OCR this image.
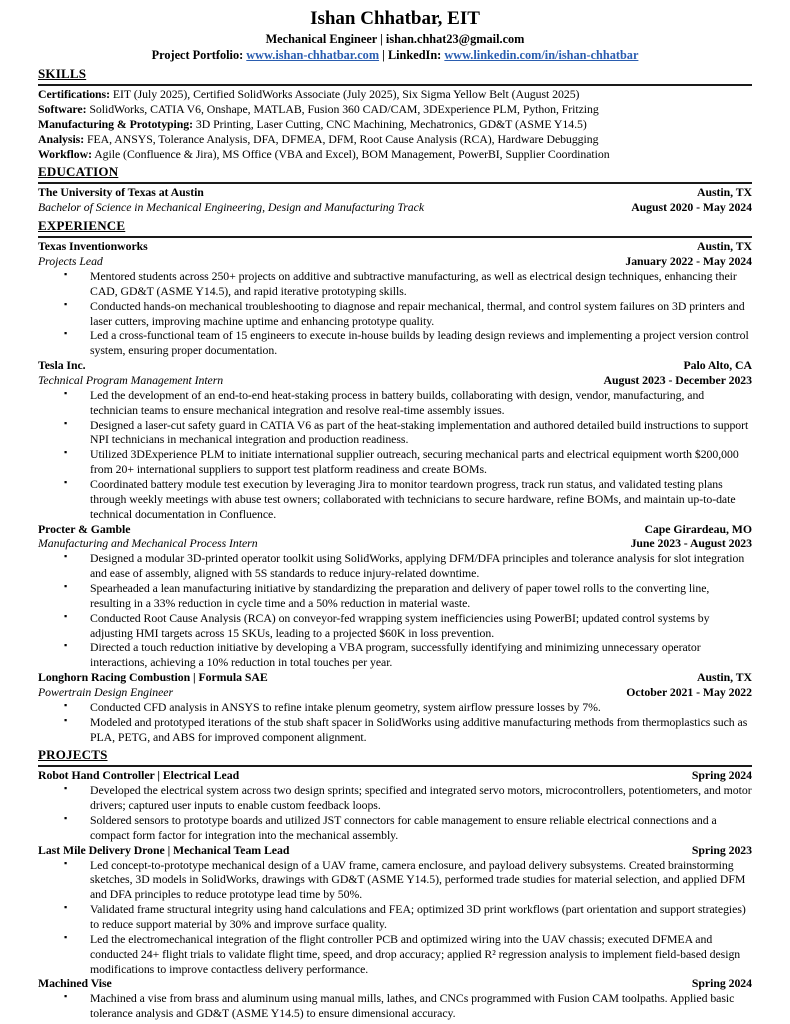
Ishan Chhatbar, EIT
Mechanical Engineer | ishan.chhat23@gmail.com
Project Portfolio: www.ishan-chhatbar.com | LinkedIn: www.linkedin.com/in/ishan-chhatbar
SKILLS
Certifications: EIT (July 2025), Certified SolidWorks Associate (July 2025), Six Sigma Yellow Belt (August 2025)
Software: SolidWorks, CATIA V6, Onshape, MATLAB, Fusion 360 CAD/CAM, 3DExperience PLM, Python, Fritzing
Manufacturing & Prototyping: 3D Printing, Laser Cutting, CNC Machining, Mechatronics, GD&T (ASME Y14.5)
Analysis: FEA, ANSYS, Tolerance Analysis, DFA, DFMEA, DFM, Root Cause Analysis (RCA), Hardware Debugging
Workflow: Agile (Confluence & Jira), MS Office (VBA and Excel), BOM Management, PowerBI, Supplier Coordination
EDUCATION
The University of Texas at Austin	Austin, TX
Bachelor of Science in Mechanical Engineering, Design and Manufacturing Track	August 2020 - May 2024
EXPERIENCE
Texas Inventionworks	Austin, TX
Projects Lead	January 2022 - May 2024
▪ Mentored students across 250+ projects on additive and subtractive manufacturing, as well as electrical design techniques, enhancing their CAD, GD&T (ASME Y14.5), and rapid iterative prototyping skills.
▪ Conducted hands-on mechanical troubleshooting to diagnose and repair mechanical, thermal, and control system failures on 3D printers and laser cutters, improving machine uptime and enhancing prototype quality.
▪ Led a cross-functional team of 15 engineers to execute in-house builds by leading design reviews and implementing a project version control system, ensuring proper documentation.
Tesla Inc.	Palo Alto, CA
Technical Program Management Intern	August 2023 - December 2023
▪ Led the development of an end-to-end heat-staking process in battery builds, collaborating with design, vendor, manufacturing, and technician teams to ensure mechanical integration and resolve real-time assembly issues.
▪ Designed a laser-cut safety guard in CATIA V6 as part of the heat-staking implementation and authored detailed build instructions to support NPI technicians in mechanical integration and production readiness.
▪ Utilized 3DExperience PLM to initiate international supplier outreach, securing mechanical parts and electrical equipment worth $200,000 from 20+ international suppliers to support test platform readiness and create BOMs.
▪ Coordinated battery module test execution by leveraging Jira to monitor teardown progress, track run status, and validated testing plans through weekly meetings with abuse test owners; collaborated with technicians to secure hardware, refine BOMs, and maintain up-to-date technical documentation in Confluence.
Procter & Gamble	Cape Girardeau, MO
Manufacturing and Mechanical Process Intern	June 2023 - August 2023
▪ Designed a modular 3D-printed operator toolkit using SolidWorks, applying DFM/DFA principles and tolerance analysis for slot integration and ease of assembly, aligned with 5S standards to reduce injury-related downtime.
▪ Spearheaded a lean manufacturing initiative by standardizing the preparation and delivery of paper towel rolls to the converting line, resulting in a 33% reduction in cycle time and a 50% reduction in material waste.
▪ Conducted Root Cause Analysis (RCA) on conveyor-fed wrapping system inefficiencies using PowerBI; updated control systems by adjusting HMI targets across 15 SKUs, leading to a projected $60K in loss prevention.
▪ Directed a touch reduction initiative by developing a VBA program, successfully identifying and minimizing unnecessary operator interactions, achieving a 10% reduction in total touches per year.
Longhorn Racing Combustion | Formula SAE	Austin, TX
Powertrain Design Engineer	October 2021 - May 2022
▪ Conducted CFD analysis in ANSYS to refine intake plenum geometry, system airflow pressure losses by 7%.
▪ Modeled and prototyped iterations of the stub shaft spacer in SolidWorks using additive manufacturing methods from thermoplastics such as PLA, PETG, and ABS for improved component alignment.
PROJECTS
Robot Hand Controller | Electrical Lead	Spring 2024
▪ Developed the electrical system across two design sprints; specified and integrated servo motors, microcontrollers, potentiometers, and motor drivers; captured user inputs to enable custom feedback loops.
▪ Soldered sensors to prototype boards and utilized JST connectors for cable management to ensure reliable electrical connections and a compact form factor for integration into the mechanical assembly.
Last Mile Delivery Drone | Mechanical Team Lead	Spring 2023
▪ Led concept-to-prototype mechanical design of a UAV frame, camera enclosure, and payload delivery subsystems. Created brainstorming sketches, 3D models in SolidWorks, drawings with GD&T (ASME Y14.5), performed trade studies for material selection, and applied DFM and DFA principles to reduce prototype lead time by 50%.
▪ Validated frame structural integrity using hand calculations and FEA; optimized 3D print workflows (part orientation and support strategies) to reduce support material by 30% and improve surface quality.
▪ Led the electromechanical integration of the flight controller PCB and optimized wiring into the UAV chassis; executed DFMEA and conducted 24+ flight trials to validate flight time, speed, and drop accuracy; applied R² regression analysis to implement field-based design modifications to improve contactless delivery performance.
Machined Vise	Spring 2024
▪ Machined a vise from brass and aluminum using manual mills, lathes, and CNCs programmed with Fusion CAM toolpaths. Applied basic tolerance analysis and GD&T (ASME Y14.5) to ensure dimensional accuracy.
